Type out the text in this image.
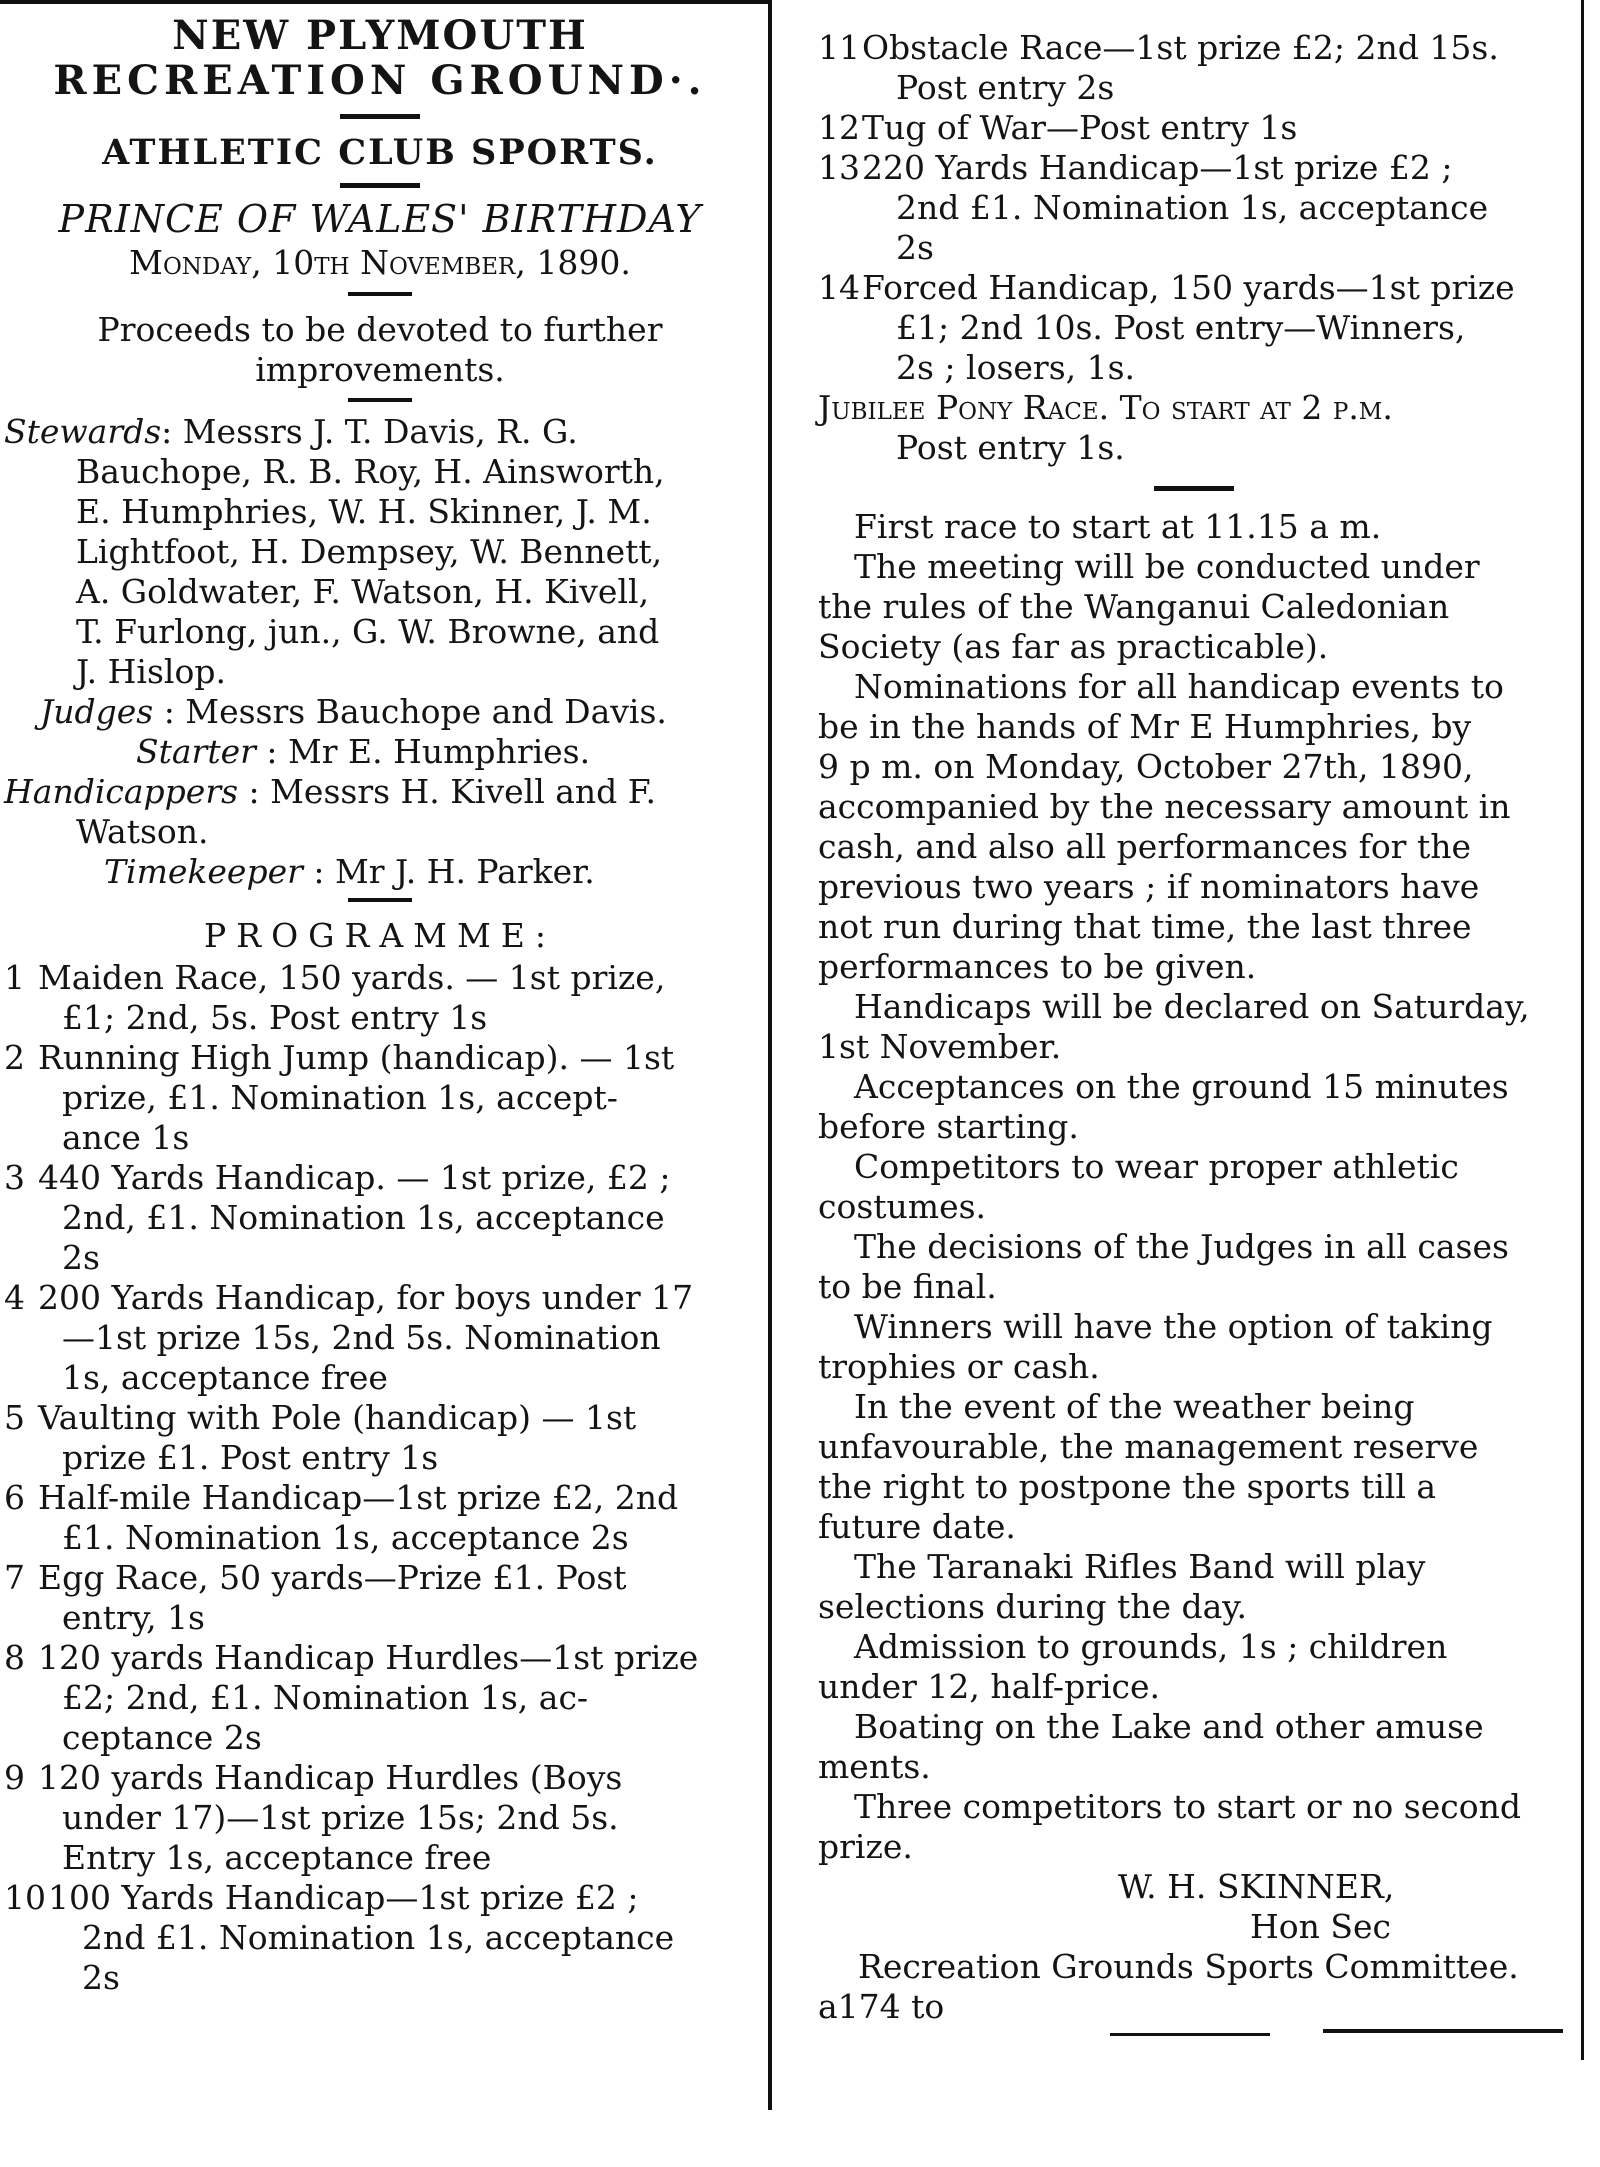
NEW PLYMOUTH

RECREATION GROUND·.

ATHLETIC CLUB SPORTS.

PRINCE OF WALES' BIRTHDAY

Monday, 10th November, 1890.

Proceeds to be devoted to further

improvements.

Stewards: Messrs J. T. Davis, R. G.

Bauchope, R. B. Roy, H. Ainsworth,

E. Humphries, W. H. Skinner, J. M.

Lightfoot, H. Dempsey, W. Bennett,

A. Goldwater, F. Watson, H. Kivell,

T. Furlong, jun., G. W. Browne, and

J. Hislop.

Judges : Messrs Bauchope and Davis.

Starter : Mr E. Humphries.

Handicappers : Messrs H. Kivell and F.

Watson.

Timekeeper : Mr J. H. Parker.

PROGRAMME:

1 Maiden Race, 150 yards. — 1st prize,

£1; 2nd, 5s. Post entry 1s

2 Running High Jump (handicap). — 1st

prize, £1. Nomination 1s, accept-

ance 1s

3 440 Yards Handicap. — 1st prize, £2 ;

2nd, £1. Nomination 1s, acceptance

2s

4 200 Yards Handicap, for boys under 17

—1st prize 15s, 2nd 5s. Nomination

1s, acceptance free

5 Vaulting with Pole (handicap) — 1st

prize £1. Post entry 1s

6 Half-mile Handicap—1st prize £2, 2nd

£1. Nomination 1s, acceptance 2s

7 Egg Race, 50 yards—Prize £1. Post

entry, 1s

8 120 yards Handicap Hurdles—1st prize

£2; 2nd, £1. Nomination 1s, ac-

ceptance 2s

9 120 yards Handicap Hurdles (Boys

under 17)—1st prize 15s; 2nd 5s.

Entry 1s, acceptance free

10100 Yards Handicap—1st prize £2 ;

2nd £1. Nomination 1s, acceptance

2s

11Obstacle Race—1st prize £2; 2nd 15s.

Post entry 2s

12Tug of War—Post entry 1s

13220 Yards Handicap—1st prize £2 ;

2nd £1. Nomination 1s, acceptance

2s

14Forced Handicap, 150 yards—1st prize

£1; 2nd 10s. Post entry—Winners,

2s ; losers, 1s.

Jubilee Pony Race. To start at 2 p.m.

Post entry 1s.

First race to start at 11.15 a m.

The meeting will be conducted under

the rules of the Wanganui Caledonian

Society (as far as practicable).

Nominations for all handicap events to

be in the hands of Mr E Humphries, by

9 p m. on Monday, October 27th, 1890,

accompanied by the necessary amount in

cash, and also all performances for the

previous two years ; if nominators have

not run during that time, the last three

performances to be given.

Handicaps will be declared on Saturday,

1st November.

Acceptances on the ground 15 minutes

before starting.

Competitors to wear proper athletic

costumes.

The decisions of the Judges in all cases

to be final.

Winners will have the option of taking

trophies or cash.

In the event of the weather being

unfavourable, the management reserve

the right to postpone the sports till a

future date.

The Taranaki Rifles Band will play

selections during the day.

Admission to grounds, 1s ; children

under 12, half-price.

Boating on the Lake and other amuse

ments.

Three competitors to start or no second

prize.

W. H. SKINNER,

Hon Sec

Recreation Grounds Sports Committee.

a174 to
